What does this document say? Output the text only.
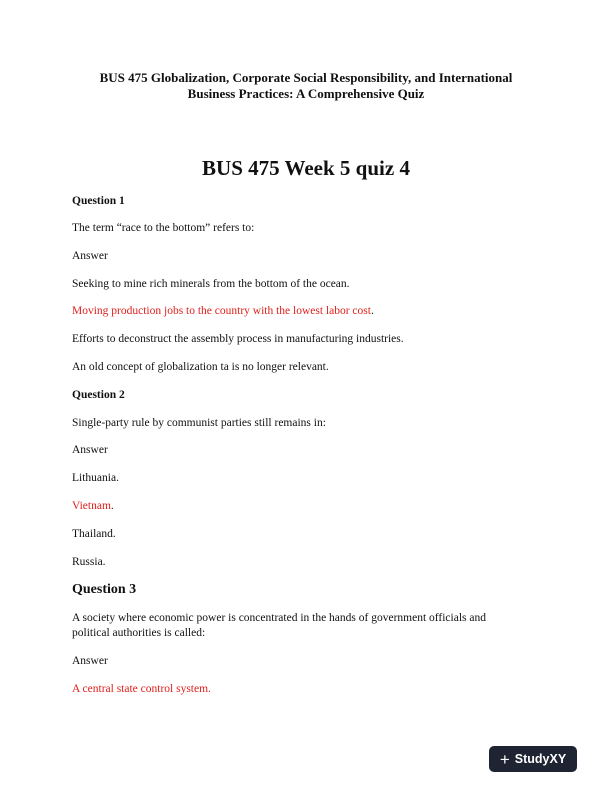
BUS 475 Globalization, Corporate Social Responsibility, and International
Business Practices: A Comprehensive Quiz
BUS 475 Week 5 quiz 4
Question 1
The term “race to the bottom” refers to:
Answer
Seeking to mine rich minerals from the bottom of the ocean.
Moving production jobs to the country with the lowest labor cost.
Efforts to deconstruct the assembly process in manufacturing industries.
An old concept of globalization ta is no longer relevant.
Question 2
Single-party rule by communist parties still remains in:
Answer
Lithuania.
Vietnam.
Thailand.
Russia.
Question 3
A society where economic power is concentrated in the hands of government officials and
political authorities is called:
Answer
A central state control system.
+ StudyXY
